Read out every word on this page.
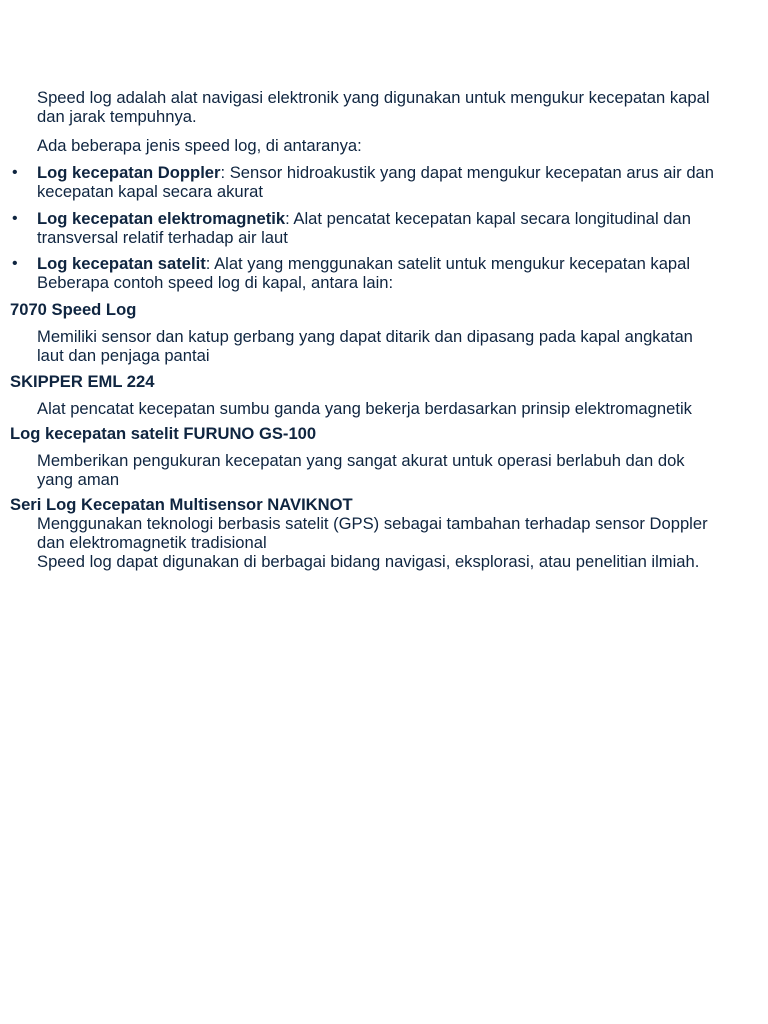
Speed log adalah alat navigasi elektronik yang digunakan untuk mengukur kecepatan kapal
dan jarak tempuhnya.

Ada beberapa jenis speed log, di antaranya:

• Log kecepatan Doppler: Sensor hidroakustik yang dapat mengukur kecepatan arus air dan
kecepatan kapal secara akurat

• Log kecepatan elektromagnetik: Alat pencatat kecepatan kapal secara longitudinal dan
transversal relatif terhadap air laut

• Log kecepatan satelit: Alat yang menggunakan satelit untuk mengukur kecepatan kapal
Beberapa contoh speed log di kapal, antara lain:

7070 Speed Log

Memiliki sensor dan katup gerbang yang dapat ditarik dan dipasang pada kapal angkatan
laut dan penjaga pantai

SKIPPER EML 224

Alat pencatat kecepatan sumbu ganda yang bekerja berdasarkan prinsip elektromagnetik

Log kecepatan satelit FURUNO GS-100

Memberikan pengukuran kecepatan yang sangat akurat untuk operasi berlabuh dan dok
yang aman

Seri Log Kecepatan Multisensor NAVIKNOT

Menggunakan teknologi berbasis satelit (GPS) sebagai tambahan terhadap sensor Doppler
dan elektromagnetik tradisional
Speed log dapat digunakan di berbagai bidang navigasi, eksplorasi, atau penelitian ilmiah.
